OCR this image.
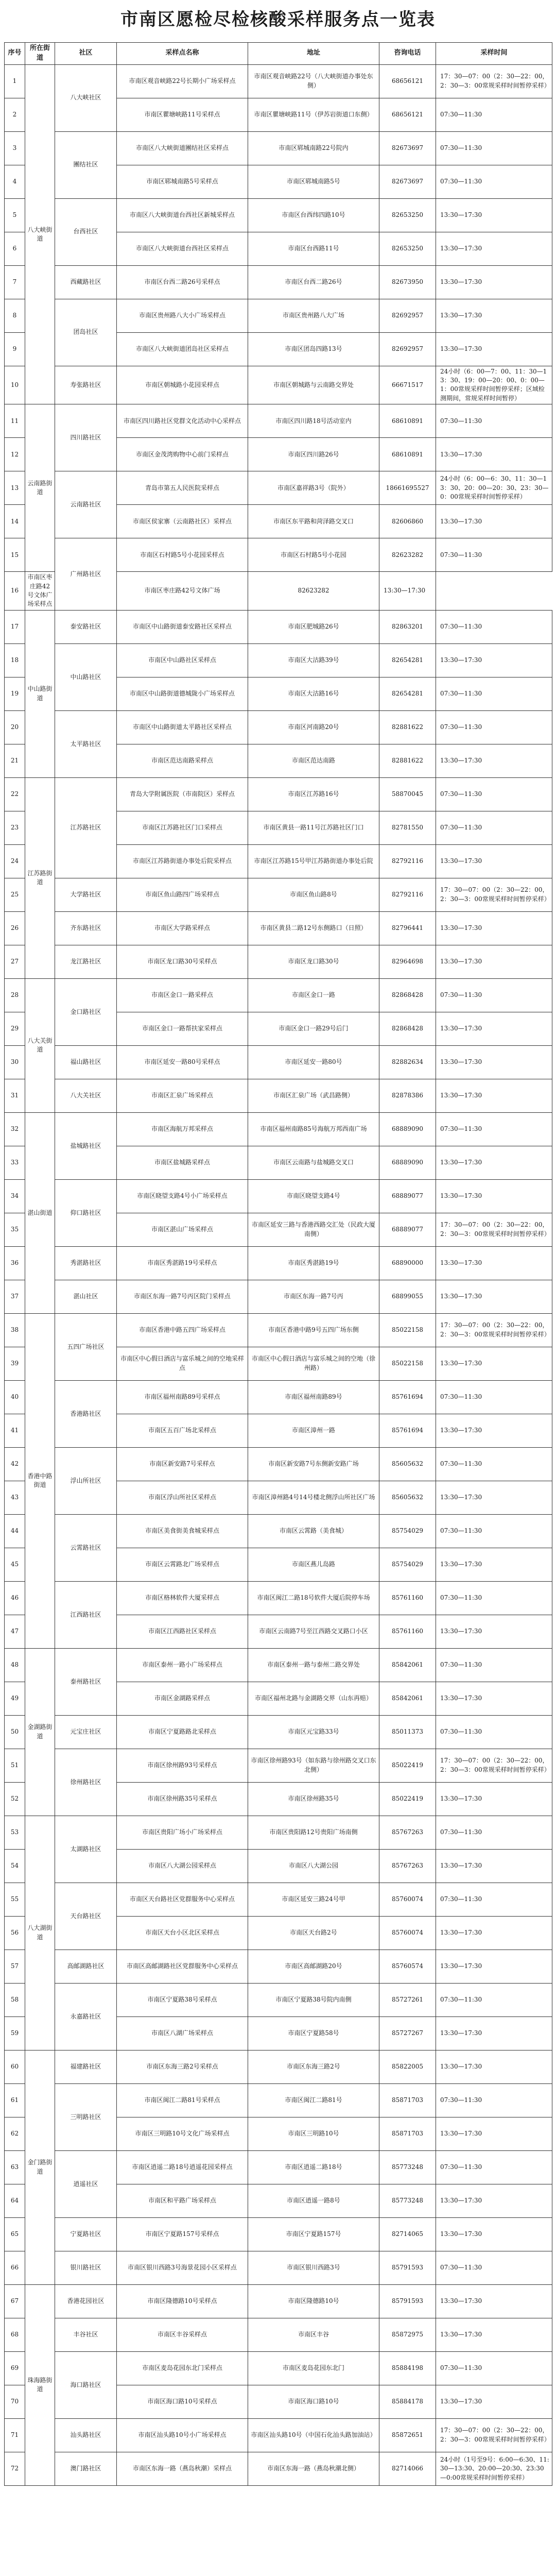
市南区愿检尽检核酸采样服务点一览表
序号	所在街道	社区	采样点名称	地址	咨询电话	采样时间
1	八大峡街道	八大峡社区	市南区观音峡路22号长期小广场采样点	市南区观音峡路22号（八大峡街道办事处东侧）	68656121	17：30—07：00（2：30—22：00，2：30—3：00常规采样时间暂停采样）
2			市南区瞿塘峡路11号采样点	市南区瞿塘峡路11号（伊苏岩街道口东侧）	68656121	07:30—11:30
3		團结社区	市南区八大峡街道團结社区采样点	市南区郓城南路22号院内	82673697	07:30—11:30
4			市南区郓城南路5号采样点	市南区郓城南路5号	82673697	07:30—11:30
5		台西社区	市南区八大峡街道台西社区新城采样点	市南区台西纬四路10号	82653250	13:30—17:30
6			市南区八大峡街道台西社区采样点	市南区台西路11号	82653250	13:30—17:30
7		西藏路社区	市南区台西二路26号采样点	市南区台西二路26号	82673950	13:30—17:30
8		团岛社区	市南区贵州路八大小广场采样点	市南区贵州路八大广场	82692957	13:30—17:30
9			市南区八大峡街道团岛社区采样点	市南区团岛四路13号	82692957	13:30—17:30
10		寿张路社区	市南区朝城路小花园采样点	市南区朝城路与云南路交界处	66671517	24小时（6：00—7：00、11：30—13：30、19：00—20：00、0：00—1：00常规采样时间暂停采样；区域检测期间，常规采样时间暂停）
11	云南路街道	四川路社区	市南区四川路社区党群文化活动中心采样点	市南区四川路18号活动室内	68610891	07:30—11:30
12			市南区金茂湾购物中心前门采样点	市南区四川路26号	68610891	13:30—17:30
13		云南路社区	青岛市第五人民医院采样点	市南区嘉祥路3号（院外）	18661695527	24小时（6：00—6：30、11：30—13：30、20：00—20：30、23：30—0：00常规采样时间暂停采样）
14			市南区侯家寨（云南路社区）采样点	市南区东平路和菏泽路交叉口	82606860	13:30—17:30
15		广州路社区	市南区石村路5号小花园采样点	市南区石村路5号小花园	82623282	07:30—11:30
16	市南区枣庄路42号文体广场采样点		市南区枣庄路42号文体广场	82623282	13:30—17:30	
17	中山路街道	泰安路社区	市南区中山路街道泰安路社区采样点	市南区肥城路26号	82863201	07:30—11:30
18		中山路社区	市南区中山路社区采样点	市南区大沽路39号	82654281	13:30—17:30
19			市南区中山路街道德城陇小广场采样点	市南区大沽路16号	82654281	07:30—11:30
20		太平路社区	市南区中山路街道太平路社区采样点	市南区河南路20号	82881622	07:30—11:30
21			市南区范达南路采样点	市南区范达南路	82881622	13:30—17:30
22	江苏路街道	江苏路社区	青岛大学附属医院（市南院区）采样点	市南区江苏路16号	58870045	07:30—11:30
23			市南区江苏路社区门口采样点	市南区黄县一路11号江苏路社区门口	82781550	07:30—11:30
24			市南区江苏路街道办事处后院采样点	市南区江苏路15号甲江苏路街道办事处后院	82792116	13:30—17:30
25		大学路社区	市南区鱼山路四广场采样点	市南区鱼山路8号	82792116	17：30—07：00（2：30—22：00，2：30—3：00常规采样时间暂停采样）
26		齐东路社区	市南区大学路采样点	市南区黄县二路12号东侧路口（日照）	82796441	13:30—17:30
27		龙江路社区	市南区龙口路30号采样点	市南区龙口路30号	82964698	13:30—17:30
28	八大关街道	金口路社区	市南区金口一路采样点	市南区金口一路	82868428	07:30—11:30
29			市南区金口一路帮扶家采样点	市南区金口一路29号后门	82868428	13:30—17:30
30		福山路社区	市南区延安一路80号采样点	市南区延安一路80号	82882634	13:30—17:30
31		八大关社区	市南区汇泉广场采样点	市南区汇泉广场（武昌路侧）	82878386	13:30—17:30
32	湛山街道	盐城路社区	市南区海航万邦采样点	市南区福州南路85号海航万邦西南广场	68889090	07:30—11:30
33			市南区盐城路采样点	市南区云南路与盐城路交叉口	68889090	13:30—17:30
34		仰口路社区	市南区晓望支路4号小广场采样点	市南区晓望支路4号	68889077	13:30—17:30
35			市南区湛山广场采样点	市南区延安三路与香港西路交汇处（民政大厦南侧）	68889077	17：30—07：00（2：30—22：00，2：30—3：00常规采样时间暂停采样）
36		秀湛路社区	市南区秀湛路19号采样点	市南区秀湛路19号	68890000	13:30—17:30
37		湛山社区	市南区东海一路7号丙区院门采样点	市南区东海一路7号丙	68899055	13:30—17:30
38	香港中路街道	五四广场社区	市南区香港中路五四广场采样点	市南区香港中路9号五四广场东侧	85022158	17：30—07：00（2：30—22：00，2：30—3：00常规采样时间暂停采样）
39			市南区中心假日酒店与富乐城之间的空地采样点	市南区中心假日酒店与富乐城之间的空地（徐州路）	85022158	13:30—17:30
40		香港路社区	市南区福州南路89号采样点	市南区福州南路89号	85761694	07:30—11:30
41			市南区五百广场北采样点	市南区漳州一路	85761694	13:30—17:30
42		浮山所社区	市南区新安路7号采样点	市南区新安路7号东侧新安路广场	85605632	07:30—11:30
43			市南区浮山所社区采样点	市南区漳州路4号14号楼北侧浮山所社区广场	85605632	13:30—17:30
44		云霄路社区	市南区美食街美食城采样点	市南区云霄路（美食城）	85754029	07:30—11:30
45			市南区云霄路北广场采样点	市南区燕儿岛路	85754029	13:30—17:30
46		江西路社区	市南区格林软件大厦采样点	市南区闽江二路18号软件大厦后院停车场	85761160	07:30—11:30
47			市南区江西路社区采样点	市南区云南路7号至江西路交叉路口小区	85761160	13:30—17:30
48	金湖路街道	泰州路社区	市南区泰州一路小广场采样点	市南区泰州一路与泰州二路交界处	85842061	07:30—11:30
49			市南区金湖路采样点	市南区福州北路与金湖路交界（山东再赔）	85842061	13:30—17:30
50		元宝庄社区	市南区宁夏路路北采样点	市南区元宝路33号	85011373	07:30—11:30
51		徐州路社区	市南区徐州路93号采样点	市南区徐州路93号（如东路与徐州路交叉口东北侧）	85022419	17：30—07：00（2：30—22：00，2：30—3：00常规采样时间暂停采样）
52			市南区徐州路35号采样点	市南区徐州路35号	85022419	13:30—17:30
53	八大湖街道	太湖路社区	市南区贵阳广场小广场采样点	市南区贵阳路12号贵阳广场南侧	85767263	07:30—11:30
54			市南区八大湖公园采样点	市南区八大湖公园	85767263	13:30—17:30
55		天台路社区	市南区天台路社区党群服务中心采样点	市南区延安三路24号甲	85760074	07:30—11:30
56			市南区天台小区北区采样点	市南区天台路2号	85760074	13:30—17:30
57		高邮湖路社区	市南区高邮湖路社区党群服务中心采样点	市南区高邮湖路20号	85760574	13:30—17:30
58		永嘉路社区	市南区宁夏路38号采样点	市南区宁夏路38号院内南侧	85727261	07:30—11:30
59			市南区八湖广场采样点	市南区宁夏路58号	85727267	13:30—17:30
60	金门路街道	福建路社区	市南区东海三路2号采样点	市南区东海三路2号	85822005	13:30—17:30
61		三明路社区	市南区闽江二路81号采样点	市南区闽江二路81号	85871703	07:30—11:30
62			市南区三明路10号文化广场采样点	市南区三明路10号	85871703	13:30—17:30
63		逍遥社区	市南区逍遥二路18号逍遥花园采样点	市南区逍遥二路18号	85773248	07:30—11:30
64			市南区和平路广场采样点	市南区逍遥一路8号	85773248	13:30—17:30
65		宁夏路社区	市南区宁夏路157号采样点	市南区宁夏路157号	82714065	13:30—17:30
66		银川路社区	市南区银川西路3号海景花园小区采样点	市南区银川西路3号	85791593	07:30—11:30
67	珠海路街道	香港花园社区	市南区隆德路10号采样点	市南区隆德路10号	85791593	13:30—17:30
68		丰谷社区	市南区丰谷采样点	市南区丰谷	85872975	13:30—17:30
69		海口路社区	市南区麦岛花园东北门采样点	市南区麦岛花园东北门	85884198	07:30—11:30
70			市南区海口路10号采样点	市南区海口路10号	85884178	13:30—17:30
71		汕头路社区	市南区汕头路10号小广场采样点	市南区汕头路10号（中国石化汕头路加油站）	85872651	17：30—07：00（2：30—22：00，2：30—3：00常规采样时间暂停采样）
72		澳门路社区	市南区东海一路（燕岛秋潮）采样点	市南区东海一路（燕岛秋潮北侧）	82714066	24小时（1号至9号：6:00—6:30、11:30—13:30、20:00—20:30、23:30—0:00常规采样时间暂停采样）
